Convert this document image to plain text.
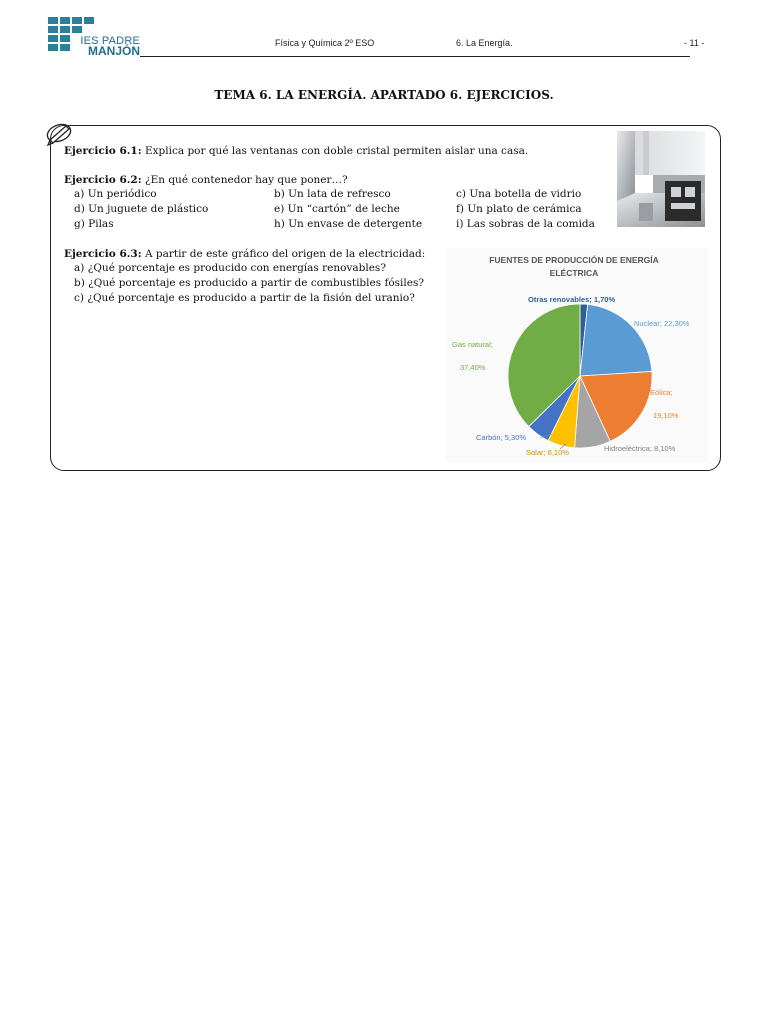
IES PADRE
MANJÓN
Física y Química 2º ESO	6. La Energía.	- 11 -
TEMA 6. LA ENERGÍA. APARTADO 6. EJERCICIOS.
Ejercicio 6.1: Explica por qué las ventanas con doble cristal permiten aislar una casa.
Ejercicio 6.2: ¿En qué contenedor hay que poner…?
a) Un periódico	b) Un lata de refresco	c) Una botella de vidrio
d) Un juguete de plástico	e) Un “cartón” de leche	f) Un plato de cerámica
g) Pilas	h) Un envase de detergente	i) Las sobras de la comida
Ejercicio 6.3: A partir de este gráfico del origen de la electricidad:
a) ¿Qué porcentaje es producido con energías renovables?
b) ¿Qué porcentaje es producido a partir de combustibles fósiles?
c) ¿Qué porcentaje es producido a partir de la fisión del uranio?
FUENTES DE PRODUCCIÓN DE ENERGÍA
ELÉCTRICA
Otras renovables; 1,70%
Nuclear; 22,30%
Eólica;
19,10%
Hidroeléctrica; 8,10%
Solar; 6,10%
Carbón; 5,30%
Gas natural;
37,40%
